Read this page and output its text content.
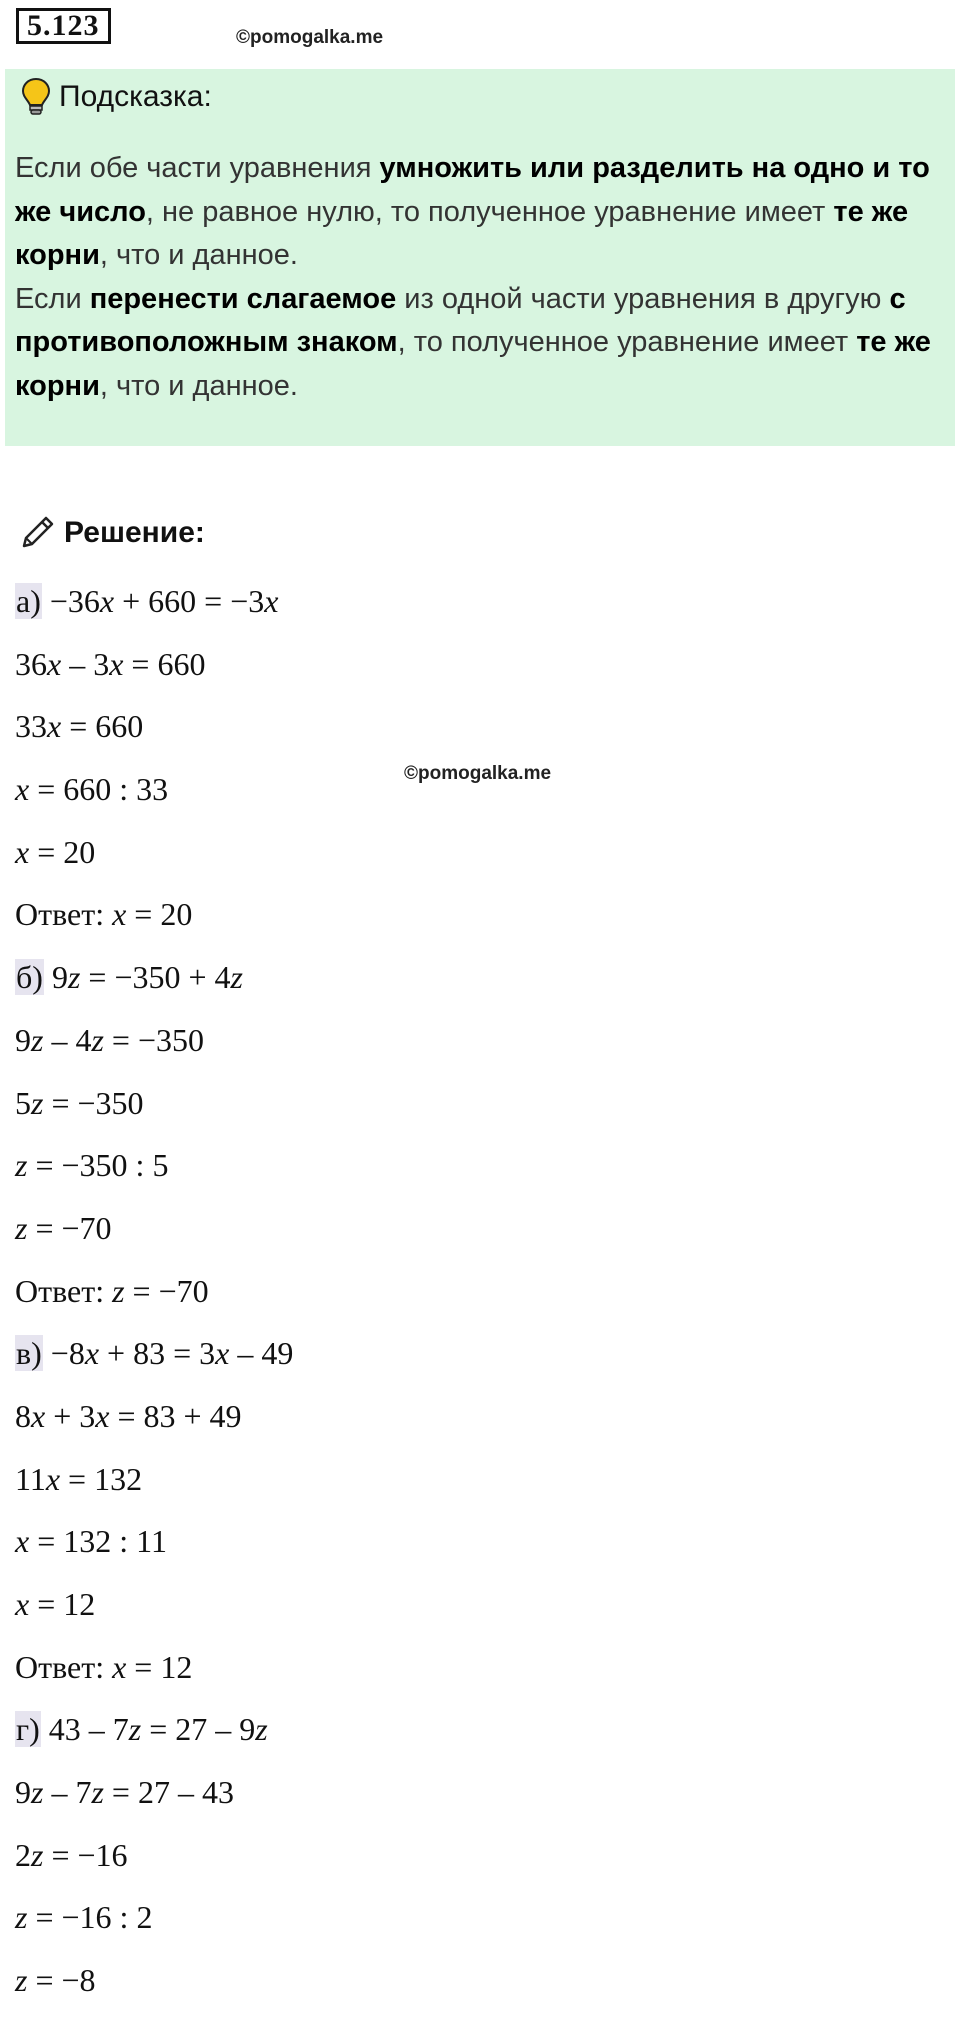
5.123	©pomogalka.me
Подсказка:

Если обе части уравнения умножить или разделить на одно и то же число, не равное нулю, то полученное уравнение имеет те же корни, что и данное.

Если перенести слагаемое из одной части уравнения в другую с противоположным знаком, то полученное уравнение имеет те же корни, что и данное.

Решение:
©pomogalka.me
а) −36x + 660 = −3x
36x – 3x = 660
33x = 660
x = 660 : 33
x = 20
Ответ: x = 20
б) 9z = −350 + 4z
9z – 4z = −350
5z = −350
z = −350 : 5
z = −70
Ответ: z = −70
в) −8x + 83 = 3x – 49
8x + 3x = 83 + 49
11x = 132
x = 132 : 11
x = 12
Ответ: x = 12
г) 43 – 7z = 27 – 9z
9z – 7z = 27 – 43
2z = −16
z = −16 : 2
z = −8
